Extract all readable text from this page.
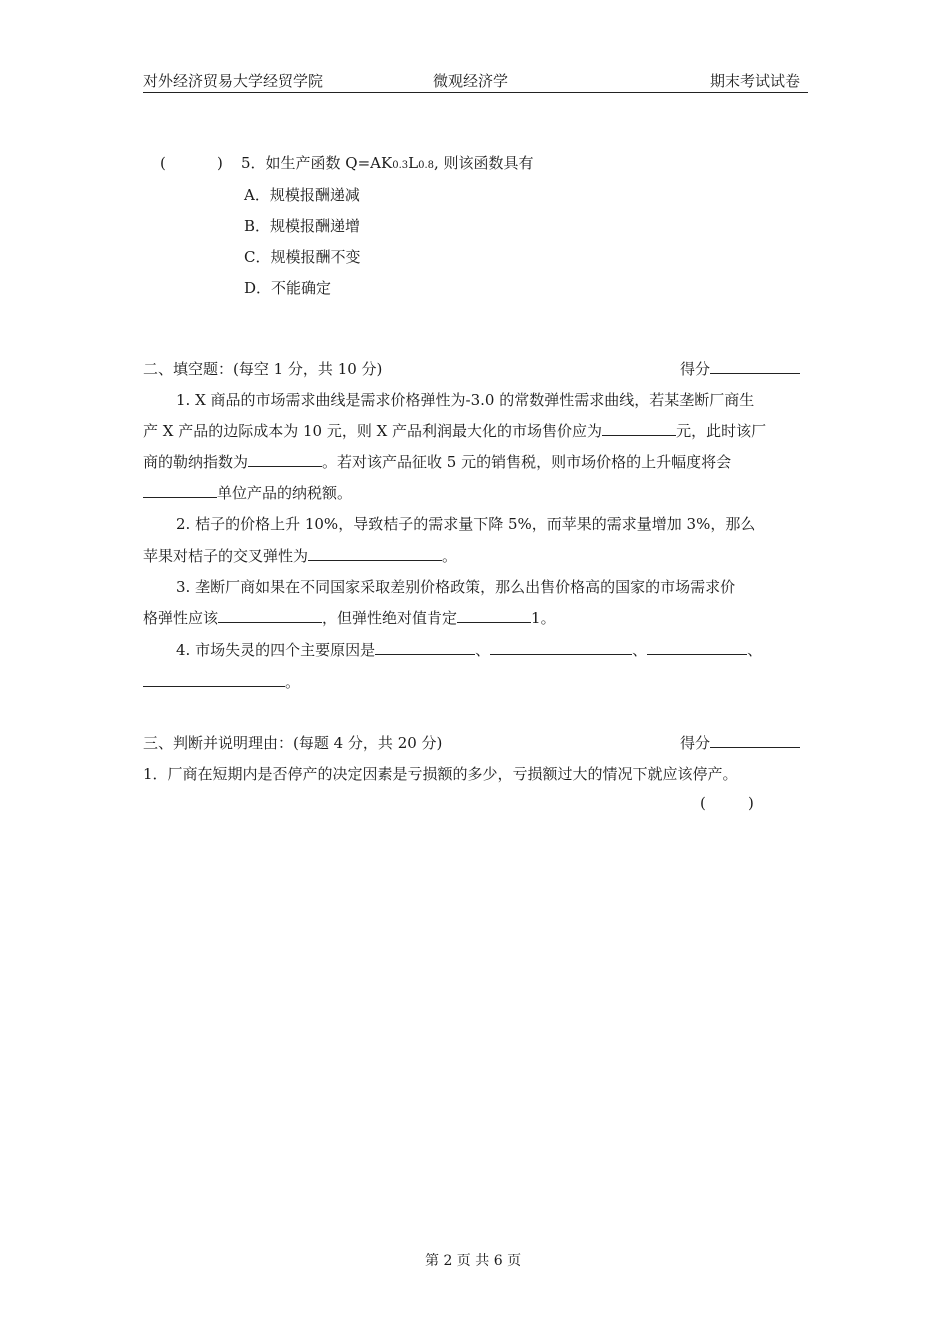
对外经济贸易大学经贸学院	微观经济学	期末考试试卷
(	) 5．如生产函数 Q=AK0.3L0.8, 则该函数具有
A．规模报酬递减
B．规模报酬递增
C．规模报酬不变
D．不能确定
二、填空题：(每空 1 分，共 10 分)	得分
1. X 商品的市场需求曲线是需求价格弹性为-3.0 的常数弹性需求曲线，若某垄断厂商生
产 X 产品的边际成本为 10 元，则 X 产品利润最大化的市场售价应为	元，此时该厂
商的勒纳指数为	。若对该产品征收 5 元的销售税，则市场价格的上升幅度将会
单位产品的纳税额。
2. 桔子的价格上升 10%，导致桔子的需求量下降 5%，而苹果的需求量增加 3%，那么
苹果对桔子的交叉弹性为	。
3. 垄断厂商如果在不同国家采取差别价格政策，那么出售价格高的国家的市场需求价
格弹性应该	，但弹性绝对值肯定	1。
4. 市场失灵的四个主要原因是	、	、	、
。
三、判断并说明理由：(每题 4 分，共 20 分)	得分
1．厂商在短期内是否停产的决定因素是亏损额的多少，亏损额过大的情况下就应该停产。
(	)
第 2 页 共 6 页
